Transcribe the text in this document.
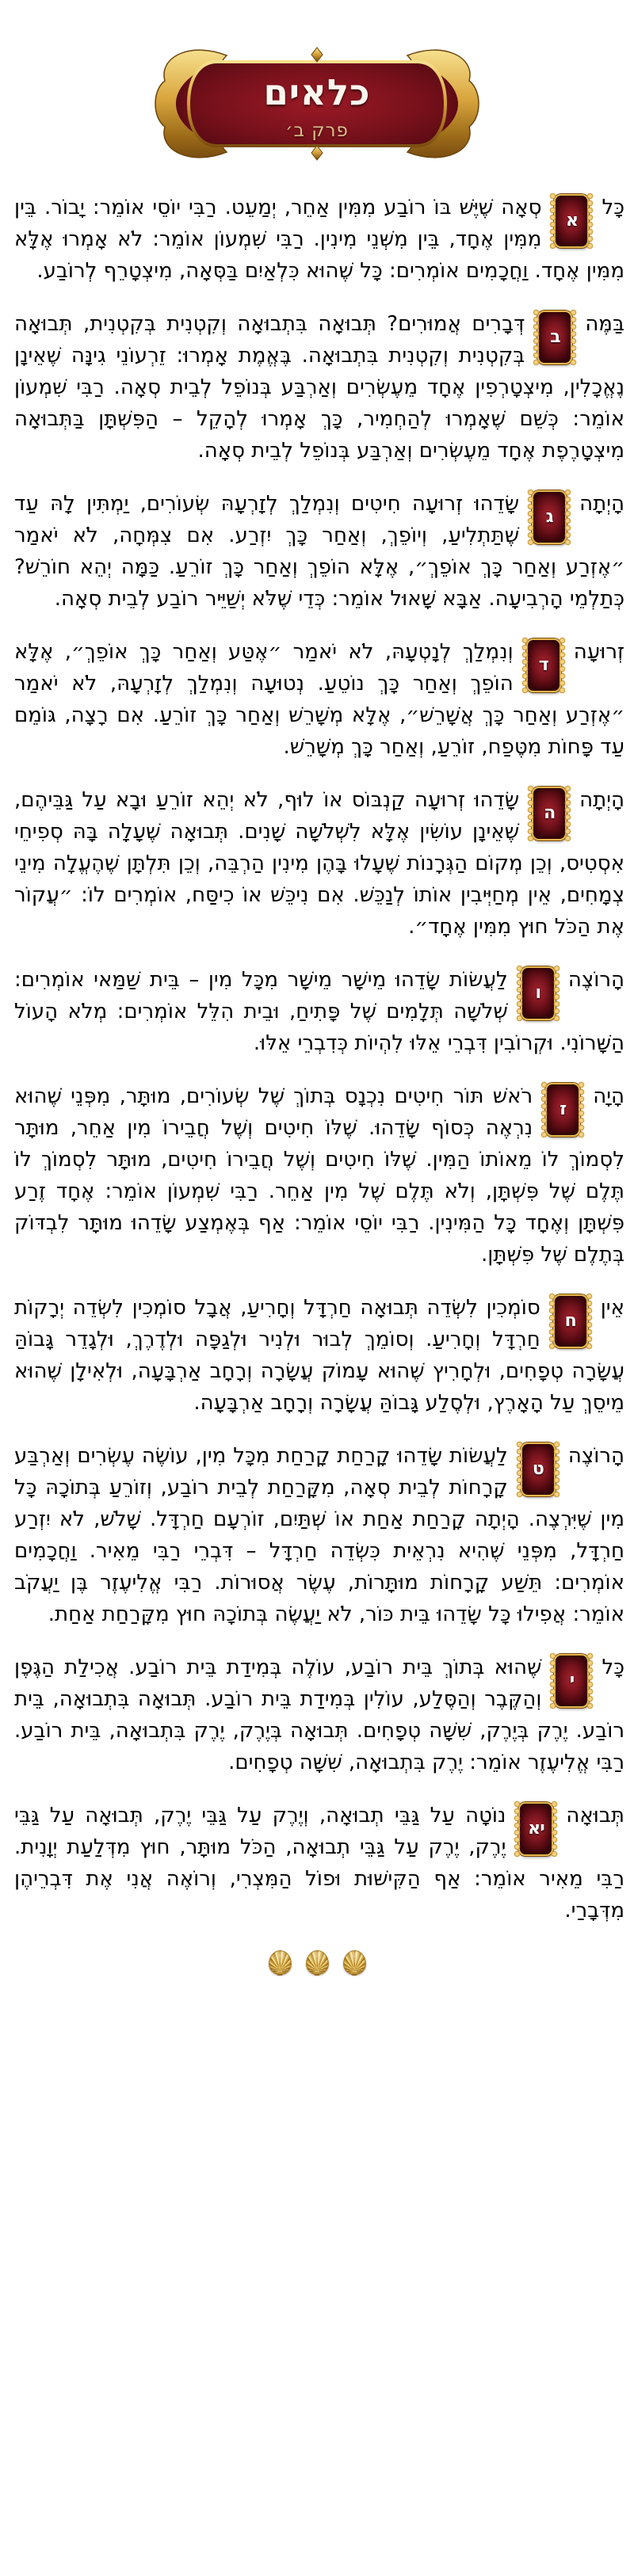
כלאים
פרק ב׳
כָּל
א
סְאָה שֶׁיֶּשׁ בּוֹ רוֹבַע מִמִּין אַחֵר, יְמַעֵט. רַבִּי יוֹסֵי אוֹמֵר: יָבוֹר. בֵּין מִמִּין אֶחָד, בֵּין מִשְּׁנֵי מִינִין. רַבִּי שִׁמְעוֹן אוֹמֵר: לֹא אָמְרוּ אֶלָּא מִמִּין אֶחָד. וַחֲכָמִים אוֹמְרִים: כָּל שֶׁהוּא כִּלְאַיִם בַּסְּאָה, מִיצְטָרֵף לְרוֹבַע.
בַּמֶּה
ב
דְּבָרִים אֲמוּרִים? תְּבוּאָה בִּתְבוּאָה וְקִטְנִית בְּקִטְנִית, תְּבוּאָה בְּקִטְנִית וְקִטְנִית בִּתְבוּאָה. בֶּאֱמֶת אָמְרוּ: זֵרְעוֹנֵי גִינָּה שֶׁאֵינָן נֶאֱכָלִין, מִיצְטָרְפִין אֶחָד מֵעֶשְׂרִים וְאַרְבַּע בְּנוֹפֵל לְבֵית סְאָה. רַבִּי שִׁמְעוֹן אוֹמֵר: כְּשֵׁם שֶׁאָמְרוּ לְהַחְמִיר, כָּךְ אָמְרוּ לְהָקֵל – הַפִּשְׁתָּן בַּתְּבוּאָה מִיצְטָרֶפֶת אֶחָד מֵעֶשְׂרִים וְאַרְבַּע בְּנוֹפֵל לְבֵית סְאָה.
הָיְתָה
ג
שָׂדֵהוּ זְרוּעָה חִיטִים וְנִמְלַךְ לְזָרְעָהּ שְׂעוֹרִים, יַמְתִּין לָהּ עַד שֶׁתַּתְלִיעַ, וְיוֹפֵךְ, וְאַחַר כָּךְ יִזְרַע. אִם צִמְּחָה, לֹא יֹאמַר ״אֶזְרַע וְאַחַר כָּךְ אוֹפֵךְ״, אֶלָּא הוֹפֵךְ וְאַחַר כָּךְ זוֹרֵעַ. כַּמָּה יְהֵא חוֹרֵשׁ? כְּתַלְמֵי הָרְבִיעָה. אַבָּא שָׁאוּל אוֹמֵר: כְּדֵי שֶׁלֹּא יְשַׁיֵּיר רוֹבַע לְבֵית סְאָה.
זְרוּעָה
ד
וְנִמְלַךְ לְנָטְעָהּ, לֹא יֹאמַר ״אֶטַּע וְאַחַר כָּךְ אוֹפֵךְ״, אֶלָּא הוֹפֵךְ וְאַחַר כָּךְ נוֹטֵעַ. נְטוּעָה וְנִמְלַךְ לְזָרְעָהּ, לֹא יֹאמַר ״אֶזְרַע וְאַחַר כָּךְ אֲשָׁרֵשׁ״, אֶלָּא מְשָׁרֵשׁ וְאַחַר כָּךְ זוֹרֵעַ. אִם רָצָה, גּוֹמֵם עַד פָּחוֹת מִטֶּפַח, זוֹרֵעַ, וְאַחַר כָּךְ מְשָׁרֵשׁ.
הָיְתָה
ה
שָׂדֵהוּ זְרוּעָה קַנְבּוֹס אוֹ לוּף, לֹא יְהֵא זוֹרֵעַ וּבָא עַל גַּבֵּיהֶם, שֶׁאֵינָן עוֹשִׂין אֶלָּא לִשְׁלֹשָׁה שָׁנִים. תְּבוּאָה שֶׁעָלָה בָּהּ סְפִיחֵי אִסְטִיס, וְכֵן מְקוֹם הַגְּרָנוֹת שֶׁעָלוּ בָּהֶן מִינִין הַרְבֵּה, וְכֵן תִּלְתָּן שֶׁהֶעֱלָה מִינֵי צְמָחִים, אֵין מְחַיְּיבִין אוֹתוֹ לְנַכֵּשׁ. אִם נִיכֵּשׁ אוֹ כִיסַּח, אוֹמְרִים לוֹ: ״עֲקוֹר אֶת הַכֹּל חוּץ מִמִּין אֶחָד״.
הָרוֹצֶה
ו
לַעֲשׂוֹת שָׂדֵהוּ מֵישָׁר מֵישָׁר מִכָּל מִין – בֵּית שַׁמַּאי אוֹמְרִים: שְׁלֹשָׁה תְּלָמִים שֶׁל פָּתִיחַ, וּבֵית הִלֵּל אוֹמְרִים: מְלֹא הָעוֹל הַשָּׁרוֹנִי. וּקְרוֹבִין דִּבְרֵי אֵלּוּ לִהְיוֹת כְּדִבְרֵי אֵלּוּ.
הָיָה
ז
רֹאשׁ תּוֹר חִיטִים נִכְנָס בְּתוֹךְ שֶׁל שְׂעוֹרִים, מוּתָּר, מִפְּנֵי שֶׁהוּא נִרְאֶה כְּסוֹף שָׂדֵהוּ. שֶׁלּוֹ חִיטִים וְשֶׁל חֲבֵירוֹ מִין אַחֵר, מוּתָּר לִסְמוֹךְ לוֹ מֵאוֹתוֹ הַמִּין. שֶׁלּוֹ חִיטִים וְשֶׁל חֲבֵירוֹ חִיטִים, מוּתָּר לִסְמוֹךְ לוֹ תֶּלֶם שֶׁל פִּשְׁתָּן, וְלֹא תֶּלֶם שֶׁל מִין אַחֵר. רַבִּי שִׁמְעוֹן אוֹמֵר: אֶחָד זֶרַע פִּשְׁתָּן וְאֶחָד כָּל הַמִּינִין. רַבִּי יוֹסֵי אוֹמֵר: אַף בְּאֶמְצַע שָׂדֵהוּ מוּתָּר לִבְדּוֹק בְּתֶלֶם שֶׁל פִּשְׁתָּן.
אֵין
ח
סוֹמְכִין לִשְׂדֵה תְּבוּאָה חַרְדָּל וְחָרִיעַ, אֲבָל סוֹמְכִין לִשְׂדֵה יְרָקוֹת חַרְדָּל וְחָרִיעַ. וְסוֹמֵךְ לְבוּר וּלְנִיר וּלְגַפָּה וּלְדֶרֶךְ, וּלְגָדֵר גָּבוֹהַּ עֲשָׂרָה טְפָחִים, וּלְחָרִיץ שֶׁהוּא עָמוֹק עֲשָׂרָה וְרָחָב אַרְבָּעָה, וּלְאִילָן שֶׁהוּא מֵיסֵךְ עַל הָאָרֶץ, וּלְסֶלַע גָּבוֹהַּ עֲשָׂרָה וְרָחָב אַרְבָּעָה.
הָרוֹצֶה
ט
לַעֲשׂוֹת שָׂדֵהוּ קָרַחַת קָרַחַת מִכָּל מִין, עוֹשֶׂה עֶשְׂרִים וְאַרְבַּע קָרָחוֹת לְבֵית סְאָה, מִקָּרַחַת לְבֵית רוֹבַע, וְזוֹרֵעַ בְּתוֹכָהּ כָּל מִין שֶׁיִּרְצֶה. הָיְתָה קָרַחַת אַחַת אוֹ שְׁתַּיִם, זוֹרְעָם חַרְדָּל. שָׁלֹשׁ, לֹא יִזְרַע חַרְדָּל, מִפְּנֵי שֶׁהִיא נִרְאֵית כִּשְׂדֵה חַרְדָּל – דִּבְרֵי רַבִּי מֵאִיר. וַחֲכָמִים אוֹמְרִים: תֵּשַׁע קָרָחוֹת מוּתָּרוֹת, עֶשֶׂר אֲסוּרוֹת. רַבִּי אֱלִיעֶזֶר בֶּן יַעֲקֹב אוֹמֵר: אֲפִילוּ כָּל שָׂדֵהוּ בֵּית כּוֹר, לֹא יַעֲשֶׂה בְּתוֹכָהּ חוּץ מִקָּרַחַת אַחַת.
כָּל
י
שֶׁהוּא בְּתוֹךְ בֵּית רוֹבַע, עוֹלֶה בְּמִידַת בֵּית רוֹבַע. אֲכִילַת הַגֶּפֶן וְהַקֶּבֶר וְהַסֶּלַע, עוֹלִין בְּמִידַת בֵּית רוֹבַע. תְּבוּאָה בִּתְבוּאָה, בֵּית רוֹבַע. יֶרֶק בְּיֶרֶק, שִׁשָּׁה טְפָחִים. תְּבוּאָה בְּיֶרֶק, יֶרֶק בִּתְבוּאָה, בֵּית רוֹבַע. רַבִּי אֱלִיעֶזֶר אוֹמֵר: יֶרֶק בִּתְבוּאָה, שִׁשָּׁה טְפָחִים.
תְּבוּאָה
יא
נוֹטָה עַל גַּבֵּי תְבוּאָה, וְיֶרֶק עַל גַּבֵּי יֶרֶק, תְּבוּאָה עַל גַּבֵּי יֶרֶק, יֶרֶק עַל גַּבֵּי תְבוּאָה, הַכֹּל מוּתָּר, חוּץ מִדְּלַעַת יְוָנִית. רַבִּי מֵאִיר אוֹמֵר: אַף הַקִּישּׁוּת וּפוֹל הַמִּצְרִי, וְרוֹאֶה אֲנִי אֶת דִּבְרֵיהֶן מִדְּבָרַי.
